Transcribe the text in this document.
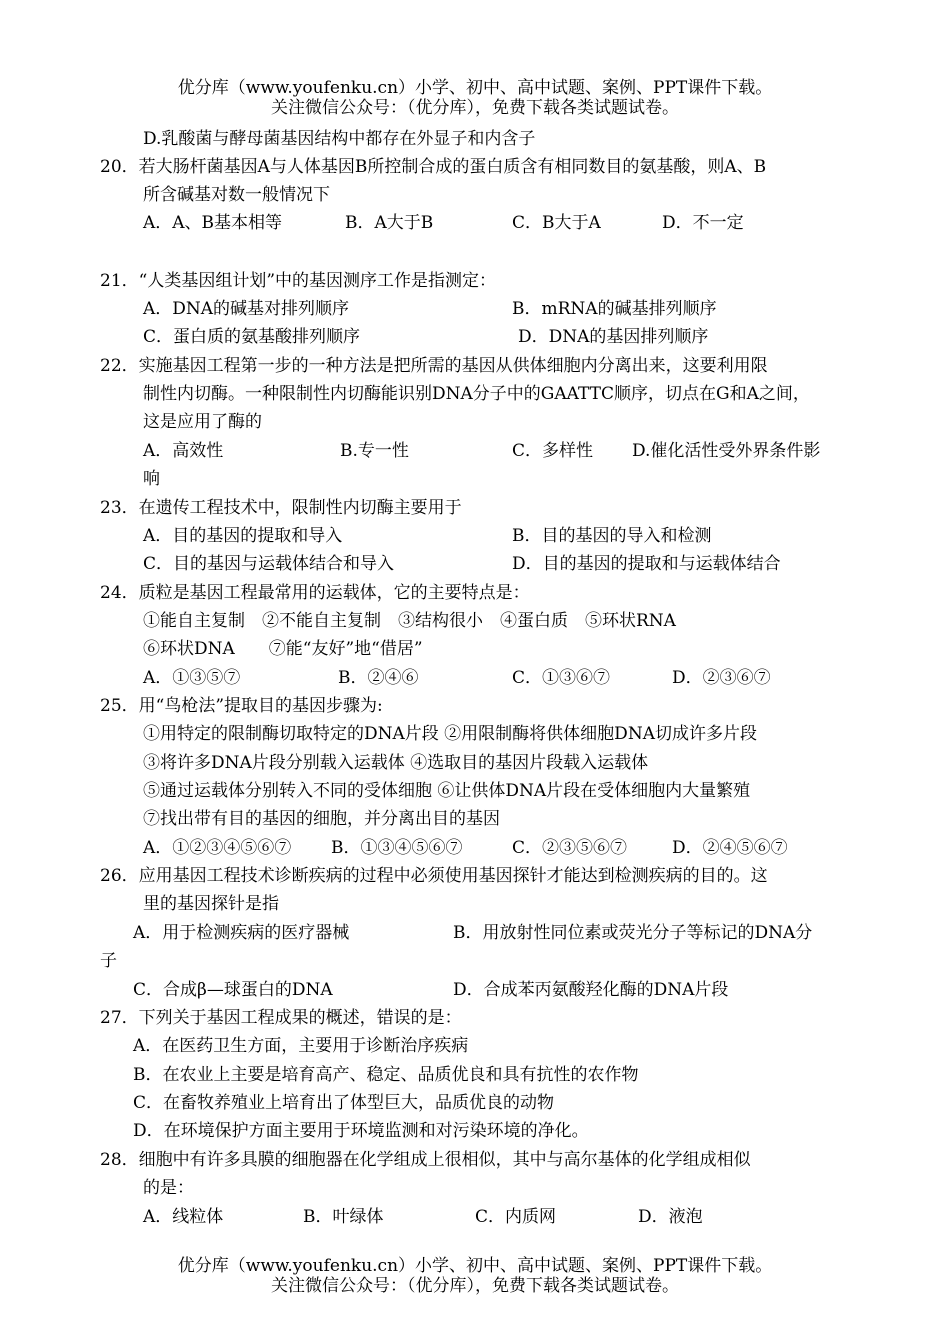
优分库（www.youfenku.cn）小学、初中、高中试题、案例、PPT课件下载。
关注微信公众号：（优分库），免费下载各类试题试卷。
D.乳酸菌与酵母菌基因结构中都存在外显子和内含子
20．若大肠杆菌基因A与人体基因B所控制合成的蛋白质含有相同数目的氨基酸，则A、B
所含碱基对数一般情况下
A．A、B基本相等	B．A大于B	C．B大于A	D．不一定
21．“人类基因组计划”中的基因测序工作是指测定：
A．DNA的碱基对排列顺序	B．mRNA的碱基排列顺序
C．蛋白质的氨基酸排列顺序	D．DNA的基因排列顺序
22．实施基因工程第一步的一种方法是把所需的基因从供体细胞内分离出来，这要利用限
制性内切酶。一种限制性内切酶能识别DNA分子中的GAATTC顺序，切点在G和A之间，
这是应用了酶的
A．高效性	B.专一性	C．多样性 D.催化活性受外界条件影
响
23．在遗传工程技术中，限制性内切酶主要用于
A．目的基因的提取和导入	B．目的基因的导入和检测
C．目的基因与运载体结合和导入	D．目的基因的提取和与运载体结合
24．质粒是基因工程最常用的运载体，它的主要特点是：
①能自主复制　②不能自主复制　③结构很小　④蛋白质　⑤环状RNA
⑥环状DNA　　⑦能“友好”地“借居”
A．①③⑤⑦	B．②④⑥	C．①③⑥⑦	D．②③⑥⑦
25．用“鸟枪法”提取目的基因步骤为:
①用特定的限制酶切取特定的DNA片段 ②用限制酶将供体细胞DNA切成许多片段
③将许多DNA片段分别载入运载体 ④选取目的基因片段载入运载体
⑤通过运载体分别转入不同的受体细胞 ⑥让供体DNA片段在受体细胞内大量繁殖
⑦找出带有目的基因的细胞，并分离出目的基因
A．①②③④⑤⑥⑦ B．①③④⑤⑥⑦	C．②③⑤⑥⑦	D．②④⑤⑥⑦
26．应用基因工程技术诊断疾病的过程中必须使用基因探针才能达到检测疾病的目的。这
里的基因探针是指
A．用于检测疾病的医疗器械	B．用放射性同位素或荧光分子等标记的DNA分
子
C．合成β—球蛋白的DNA	D．合成苯丙氨酸羟化酶的DNA片段
27．下列关于基因工程成果的概述，错误的是：
A．在医药卫生方面，主要用于诊断治序疾病
B．在农业上主要是培育高产、稳定、品质优良和具有抗性的农作物
C．在畜牧养殖业上培育出了体型巨大，品质优良的动物
D．在环境保护方面主要用于环境监测和对污染环境的净化。
28．细胞中有许多具膜的细胞器在化学组成上很相似，其中与高尔基体的化学组成相似
的是：
A．线粒体	B．叶绿体	C．内质网	D．液泡
优分库（www.youfenku.cn）小学、初中、高中试题、案例、PPT课件下载。
关注微信公众号：（优分库），免费下载各类试题试卷。
